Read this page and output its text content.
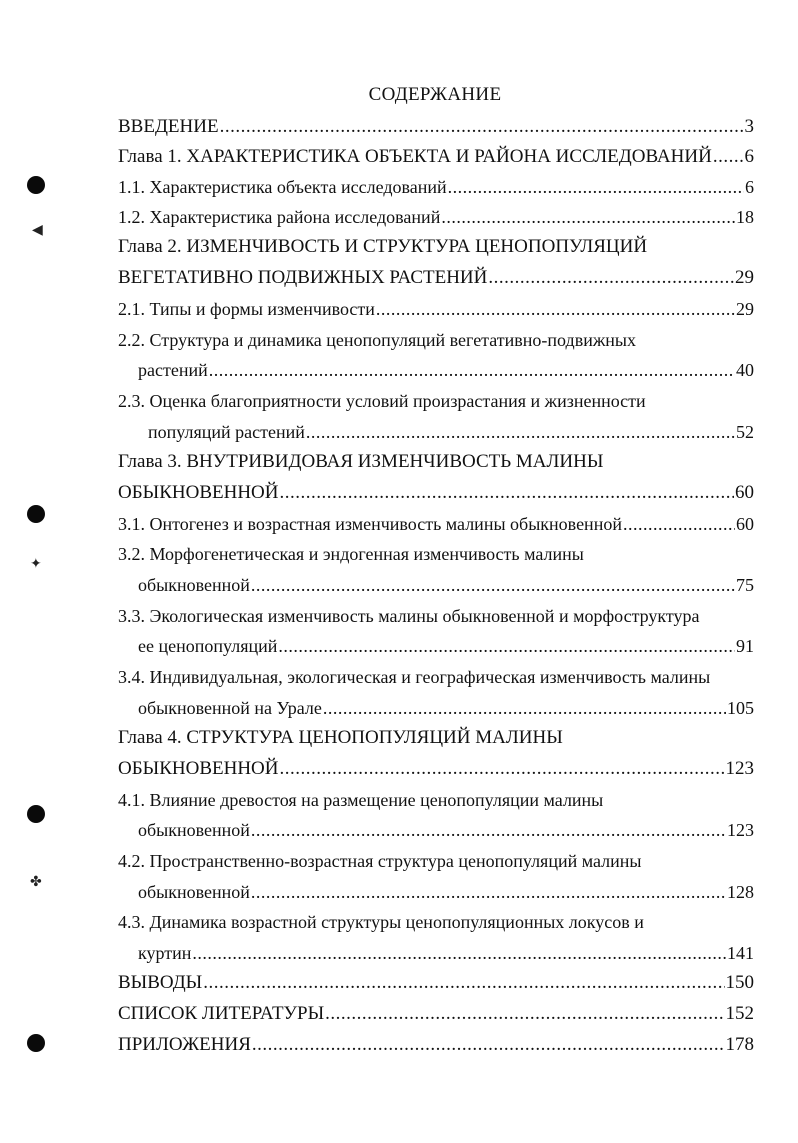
СОДЕРЖАНИЕ
ВВЕДЕНИЕ .....	3
Глава 1. ХАРАКТЕРИСТИКА ОБЪЕКТА И РАЙОНА ИССЛЕДОВАНИЙ ..... 6
1.1. Характеристика объекта исследований .....	6
1.2. Характеристика района исследований .....	18
Глава 2. ИЗМЕНЧИВОСТЬ И СТРУКТУРА ЦЕНОПОПУЛЯЦИЙ
ВЕГЕТАТИВНО ПОДВИЖНЫХ РАСТЕНИЙ .....	29
2.1. Типы и формы изменчивости .....	29
2.2. Структура и динамика ценопопуляций вегетативно-подвижных
растений .....	40
2.3. Оценка благоприятности условий произрастания и жизненности
популяций растений .....	52
Глава 3. ВНУТРИВИДОВАЯ ИЗМЕНЧИВОСТЬ МАЛИНЫ
ОБЫКНОВЕННОЙ .....	60
3.1. Онтогенез и возрастная изменчивость малины обыкновенной .....	60
3.2. Морфогенетическая и эндогенная изменчивость малины
обыкновенной .....	75
3.3. Экологическая изменчивость малины обыкновенной и морфоструктура
ее ценопопуляций .....	91
3.4. Индивидуальная, экологическая и географическая изменчивость малины
обыкновенной на Урале .....	105
Глава 4. СТРУКТУРА ЦЕНОПОПУЛЯЦИЙ МАЛИНЫ
ОБЫКНОВЕННОЙ .....	123
4.1. Влияние древостоя на размещение ценопопуляции малины
обыкновенной .....	123
4.2. Пространственно-возрастная структура ценопопуляций малины
обыкновенной .....	128
4.3. Динамика возрастной структуры ценопопуляционных локусов и
куртин .....	141
ВЫВОДЫ .....	150
СПИСОК ЛИТЕРАТУРЫ .....	152
ПРИЛОЖЕНИЯ .....	178
◀
✦
✤
